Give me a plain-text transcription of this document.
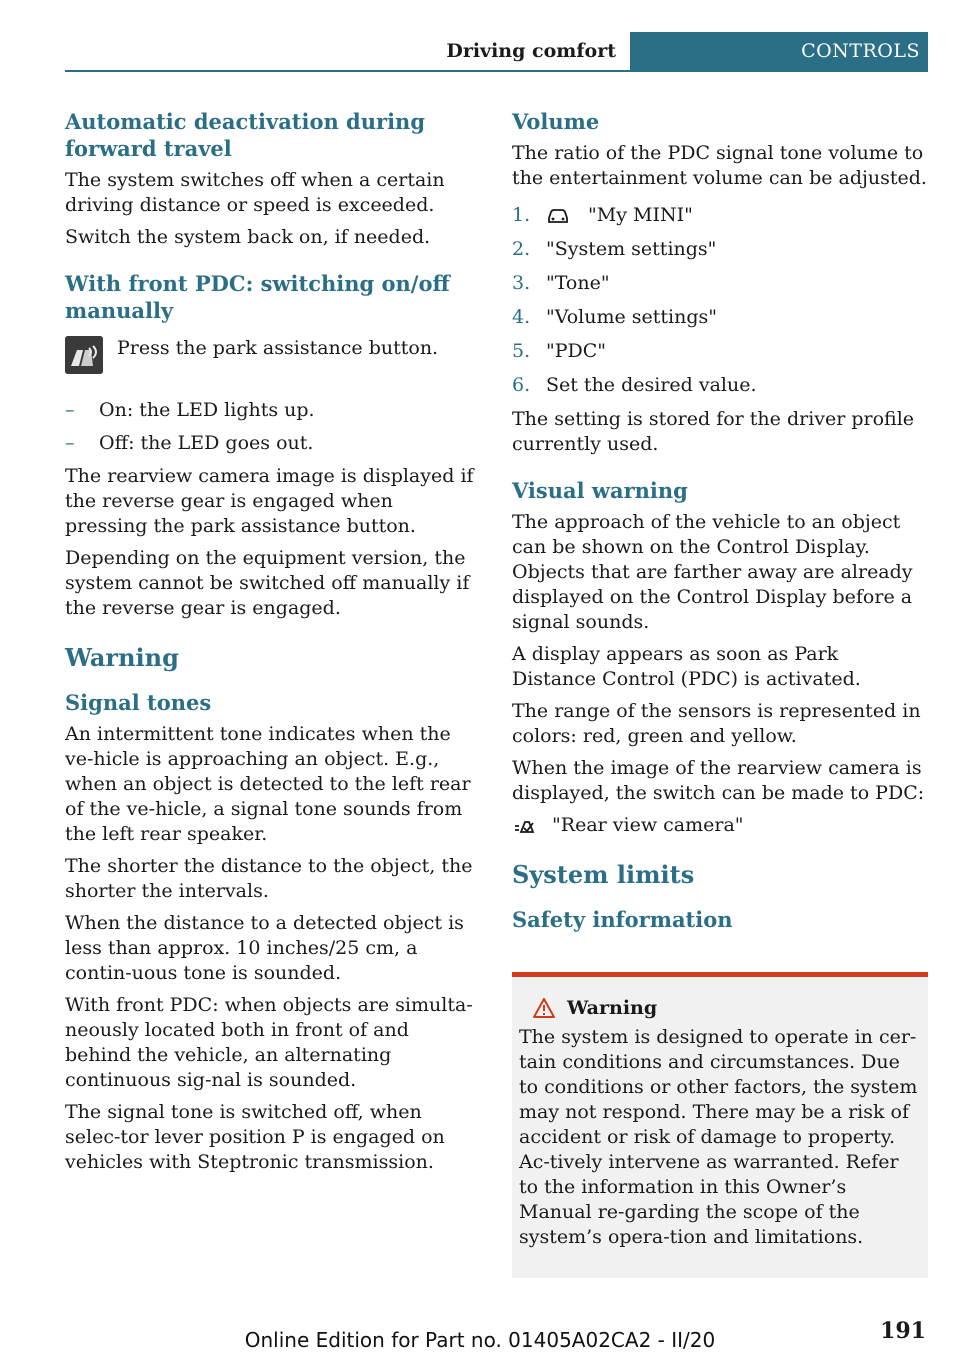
Driving comfort	CONTROLS
Automatic deactivation during forward travel

The system switches off when a certain driving distance or speed is exceeded.

Switch the system back on, if needed.

With front PDC: switching on/off manually
Press the park assistance button.
– On: the LED lights up.
– Off: the LED goes out.

The rearview camera image is displayed if the reverse gear is engaged when pressing the park assistance button.

Depending on the equipment version, the system cannot be switched off manually if the reverse gear is engaged.

Warning
Signal tones

An intermittent tone indicates when the ve‐hicle is approaching an object. E.g., when an object is detected to the left rear of the ve‐hicle, a signal tone sounds from the left rear speaker.

The shorter the distance to the object, the shorter the intervals.

When the distance to a detected object is less than approx. 10 inches/25 cm, a contin‐uous tone is sounded.

With front PDC: when objects are simulta‐neously located both in front of and behind the vehicle, an alternating continuous sig‐nal is sounded.

The signal tone is switched off, when selec‐tor lever position P is engaged on vehicles with Steptronic transmission.

Volume

The ratio of the PDC signal tone volume to the entertainment volume can be adjusted.

1.	"My MINI"
2. "System settings"
3. "Tone"
4. "Volume settings"
5. "PDC"
6. Set the desired value.

The setting is stored for the driver profile currently used.

Visual warning

The approach of the vehicle to an object can be shown on the Control Display. Objects that are farther away are already displayed on the Control Display before a signal sounds.

A display appears as soon as Park Distance Control (PDC) is activated.

The range of the sensors is represented in colors: red, green and yellow.

When the image of the rearview camera is displayed, the switch can be made to PDC:

"Rear view camera"
System limits
Safety information
Warning

The system is designed to operate in cer‐tain conditions and circumstances. Due to conditions or other factors, the system may not respond. There may be a risk of accident or risk of damage to property. Ac‐tively intervene as warranted. Refer to the information in this Owner’s Manual re‐garding the scope of the system’s opera‐tion and limitations.

Online Edition for Part no. 01405A02CA2 - II/20	191
